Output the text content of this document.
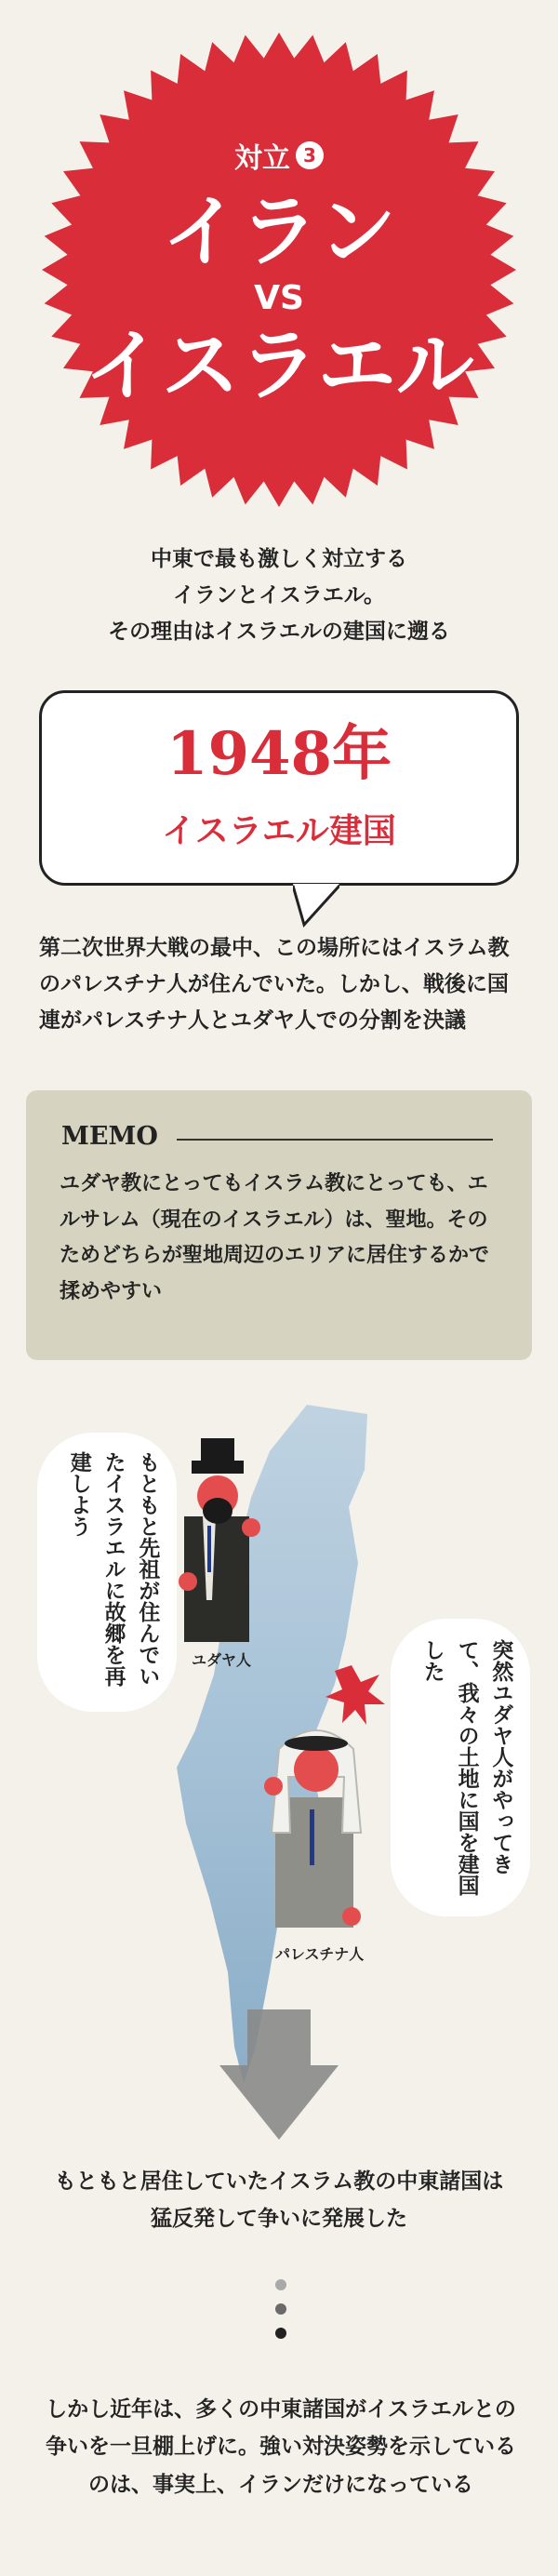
対立 3
イラン
VS
イスラエル
中東で最も激しく対立する
イランとイスラエル。
その理由はイスラエルの建国に遡る
1948年
イスラエル建国
第二次世界大戦の最中、この場所にはイスラム教のパレスチナ人が住んでいた。しかし、戦後に国連がパレスチナ人とユダヤ人での分割を決議
MEMO
ユダヤ教にとってもイスラム教にとっても、エルサレム（現在のイスラエル）は、聖地。そのためどちらが聖地周辺のエリアに居住するかで揉めやすい
もともと先祖が住んでいたイスラエルに故郷を再建しよう
ユダヤ人	突然ユダヤ人がやってきて、我々の土地に国を建国した
パレスチナ人
もともと居住していたイスラム教の中東諸国は
猛反発して争いに発展した
しかし近年は、多くの中東諸国がイスラエルとの争いを一旦棚上げに。強い対決姿勢を示しているのは、事実上、イランだけになっている
